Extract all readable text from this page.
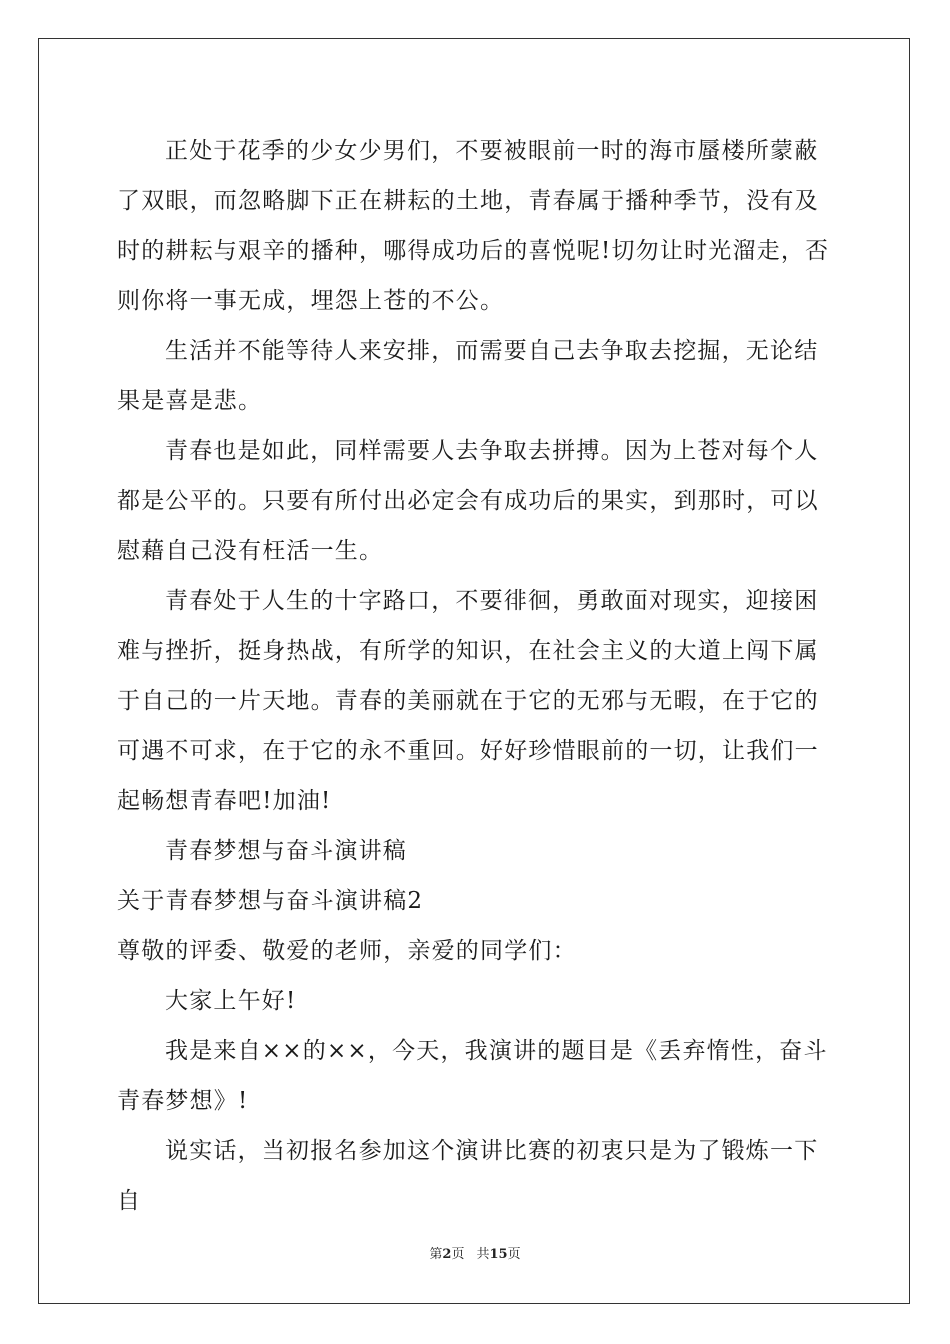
正处于花季的少女少男们，不要被眼前一时的海市蜃楼所蒙蔽了双眼，而忽略脚下正在耕耘的土地，青春属于播种季节，没有及时的耕耘与艰辛的播种，哪得成功后的喜悦呢!切勿让时光溜走，否则你将一事无成，埋怨上苍的不公。

生活并不能等待人来安排，而需要自己去争取去挖掘，无论结果是喜是悲。

青春也是如此，同样需要人去争取去拼搏。因为上苍对每个人都是公平的。只要有所付出必定会有成功后的果实，到那时，可以慰藉自己没有枉活一生。

青春处于人生的十字路口，不要徘徊，勇敢面对现实，迎接困难与挫折，挺身热战，有所学的知识，在社会主义的大道上闯下属于自己的一片天地。青春的美丽就在于它的无邪与无暇，在于它的可遇不可求，在于它的永不重回。好好珍惜眼前的一切，让我们一起畅想青春吧!加油!

青春梦想与奋斗演讲稿

关于青春梦想与奋斗演讲稿2

尊敬的评委、敬爱的老师，亲爱的同学们：

大家上午好!

我是来自××的××，今天，我演讲的题目是《丢弃惰性，奋斗青春梦想》!

说实话，当初报名参加这个演讲比赛的初衷只是为了锻炼一下自

第2页 共15页
